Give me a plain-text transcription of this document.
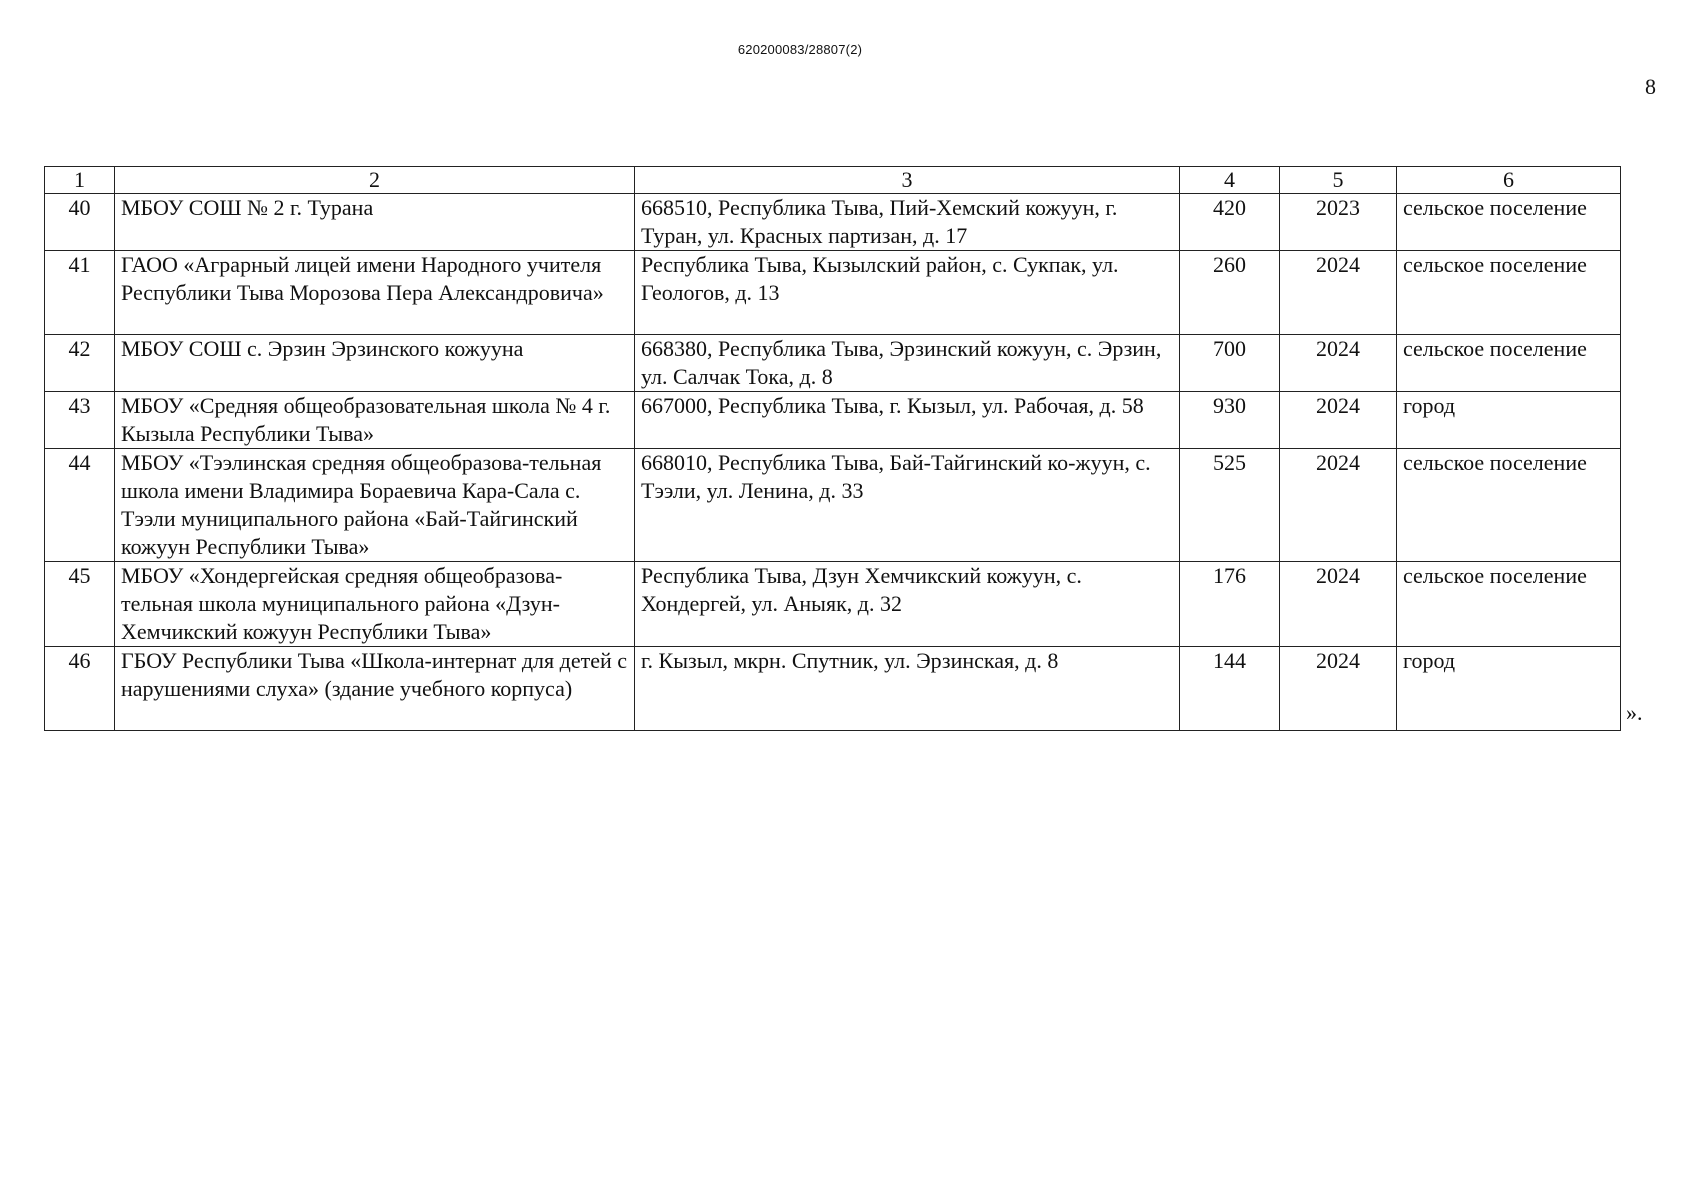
620200083/28807(2)
8
1	2	3	4	5	6
40	МБОУ СОШ № 2 г. Турана	668510, Республика Тыва, Пий-Хемский кожуун, г. Туран, ул. Красных партизан, д. 17	420	2023	сельское поселение
41	ГАОО «Аграрный лицей имени Народного учителя Республики Тыва Морозова Пера Александровича»	Республика Тыва, Кызылский район, с. Сукпак, ул. Геологов, д. 13	260	2024	сельское поселение
42	МБОУ СОШ с. Эрзин Эрзинского кожууна	668380, Республика Тыва, Эрзинский кожуун, с. Эрзин, ул. Салчак Тока, д. 8	700	2024	сельское поселение
43	МБОУ «Средняя общеобразовательная школа № 4 г. Кызыла Республики Тыва»	667000, Республика Тыва, г. Кызыл, ул. Рабочая, д. 58	930	2024	город
44	МБОУ «Тээлинская средняя общеобразова-тельная школа имени Владимира Бораевича Кара-Сала с. Тээли муниципального района «Бай-Тайгинский кожуун Республики Тыва»	668010, Республика Тыва, Бай-Тайгинский ко-жуун, с. Тээли, ул. Ленина, д. 33	525	2024	сельское поселение
45	МБОУ «Хондергейская средняя общеобразова-тельная школа муниципального района «Дзун-Хемчикский кожуун Республики Тыва»	Республика Тыва, Дзун Хемчикский кожуун, с. Хондергей, ул. Аныяк, д. 32	176	2024	сельское поселение
46	ГБОУ Республики Тыва «Школа-интернат для детей с нарушениями слуха» (здание учебного корпуса)	г. Кызыл, мкрн. Спутник, ул. Эрзинская, д. 8	144	2024	город
».
